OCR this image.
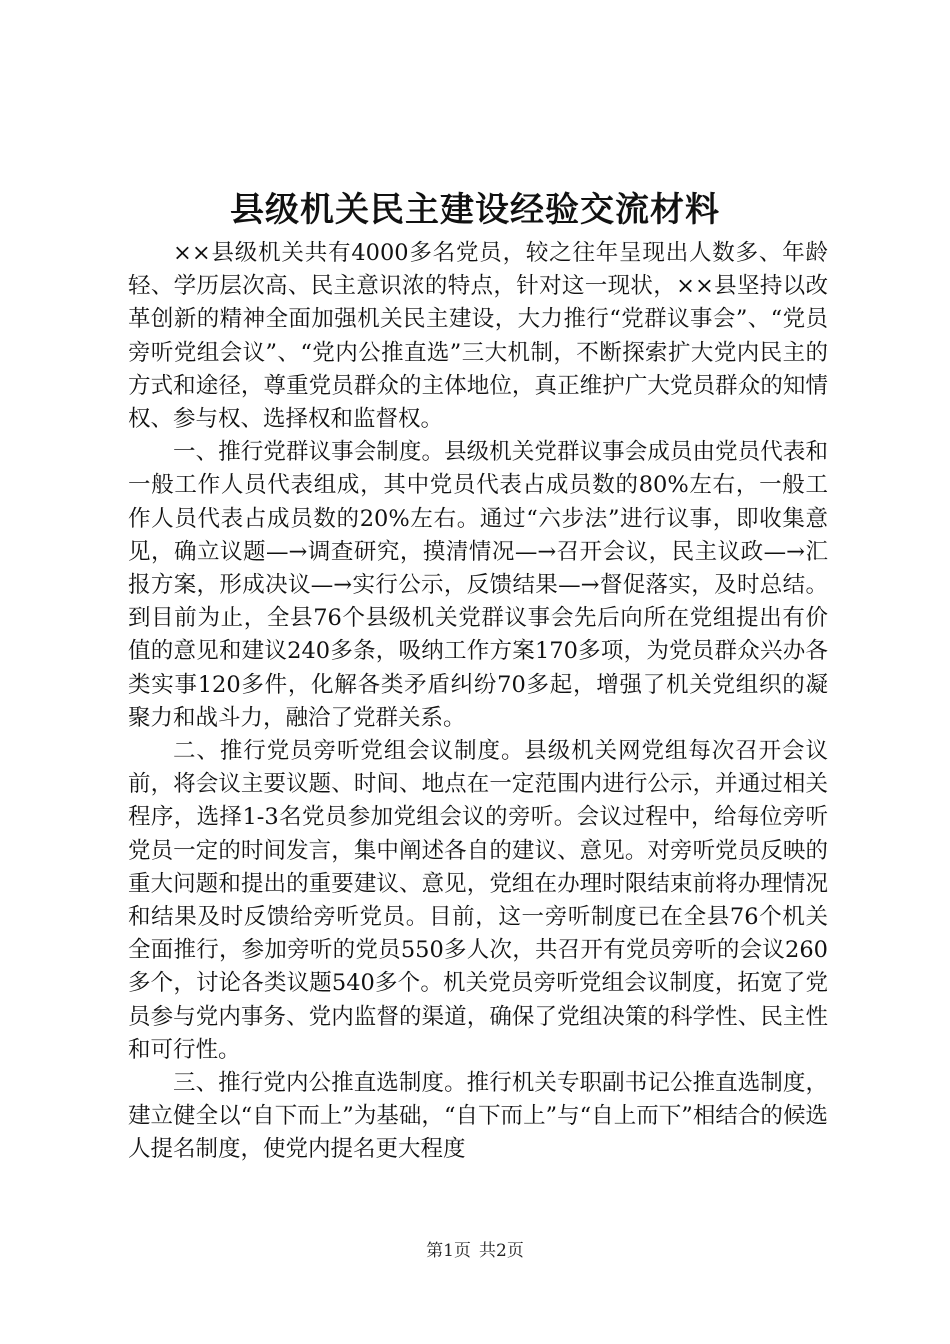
县级机关民主建设经验交流材料

××县级机关共有4000多名党员，较之往年呈现出人数多、年龄轻、学历层次高、民主意识浓的特点，针对这一现状，××县坚持以改革创新的精神全面加强机关民主建设，大力推行“党群议事会”、“党员旁听党组会议”、“党内公推直选”三大机制，不断探索扩大党内民主的方式和途径，尊重党员群众的主体地位，真正维护广大党员群众的知情权、参与权、选择权和监督权。

一、推行党群议事会制度。县级机关党群议事会成员由党员代表和一般工作人员代表组成，其中党员代表占成员数的80%左右，一般工作人员代表占成员数的20%左右。通过“六步法”进行议事，即收集意见，确立议题—→调查研究，摸清情况—→召开会议，民主议政—→汇报方案，形成决议—→实行公示，反馈结果—→督促落实，及时总结。到目前为止，全县76个县级机关党群议事会先后向所在党组提出有价值的意见和建议240多条，吸纳工作方案170多项，为党员群众兴办各类实事120多件，化解各类矛盾纠纷70多起，增强了机关党组织的凝聚力和战斗力，融洽了党群关系。

二、推行党员旁听党组会议制度。县级机关网党组每次召开会议前，将会议主要议题、时间、地点在一定范围内进行公示，并通过相关程序，选择1-3名党员参加党组会议的旁听。会议过程中，给每位旁听党员一定的时间发言，集中阐述各自的建议、意见。对旁听党员反映的重大问题和提出的重要建议、意见，党组在办理时限结束前将办理情况和结果及时反馈给旁听党员。目前，这一旁听制度已在全县76个机关全面推行，参加旁听的党员550多人次，共召开有党员旁听的会议260多个，讨论各类议题540多个。机关党员旁听党组会议制度，拓宽了党员参与党内事务、党内监督的渠道，确保了党组决策的科学性、民主性和可行性。

三、推行党内公推直选制度。推行机关专职副书记公推直选制度，建立健全以“自下而上”为基础，“自下而上”与“自上而下”相结合的候选人提名制度，使党内提名更大程度

第1页 共2页
